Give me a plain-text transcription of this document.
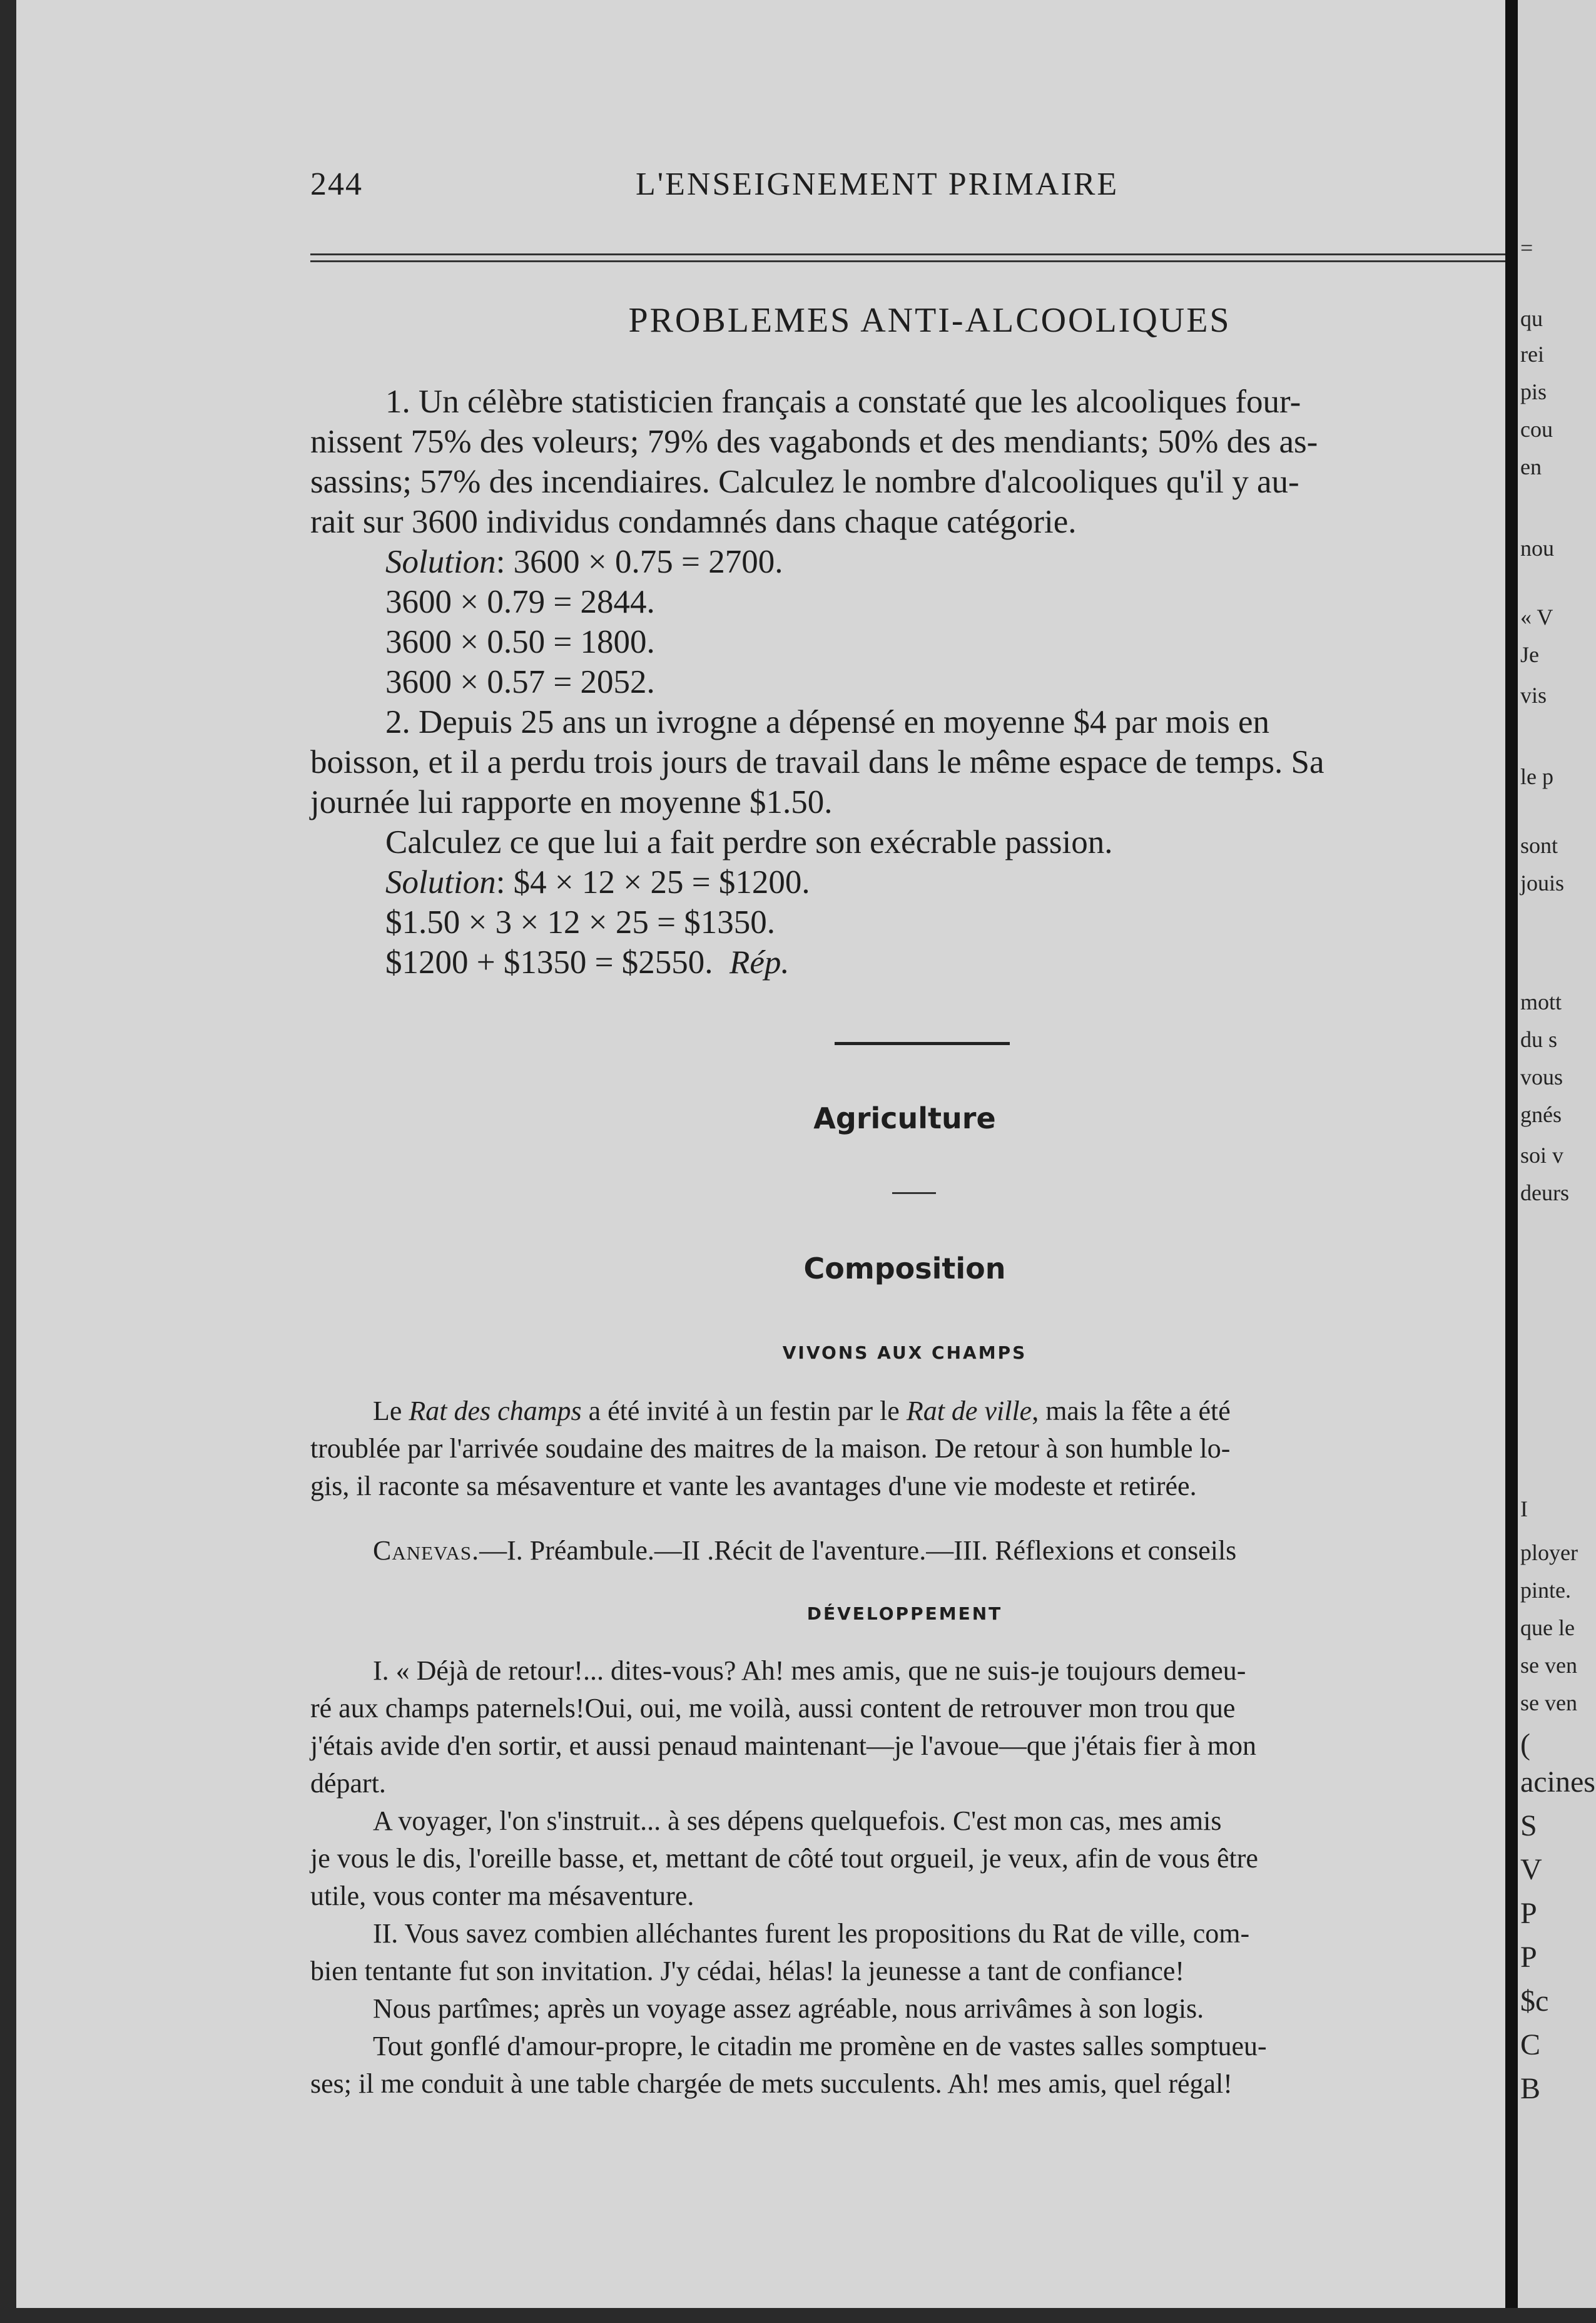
244	L'ENSEIGNEMENT PRIMAIRE
PROBLEMES ANTI-ALCOOLIQUES

1. Un célèbre statisticien français a constaté que les alcooliques four-

nissent 75% des voleurs; 79% des vagabonds et des mendiants; 50% des as-

sassins; 57% des incendiaires. Calculez le nombre d'alcooliques qu'il y au-

rait sur 3600 individus condamnés dans chaque catégorie.

Solution: 3600 × 0.75 = 2700.

3600 × 0.79 = 2844.

3600 × 0.50 = 1800.

3600 × 0.57 = 2052.

2. Depuis 25 ans un ivrogne a dépensé en moyenne $4 par mois en

boisson, et il a perdu trois jours de travail dans le même espace de temps. Sa

journée lui rapporte en moyenne $1.50.

Calculez ce que lui a fait perdre son exécrable passion.

Solution: $4 × 12 × 25 = $1200.

$1.50 × 3 × 12 × 25 = $1350.

$1200 + $1350 = $2550. Rép.

Agriculture
Composition
VIVONS AUX CHAMPS

Le Rat des champs a été invité à un festin par le Rat de ville, mais la fête a été

troublée par l'arrivée soudaine des maitres de la maison. De retour à son humble lo-

gis, il raconte sa mésaventure et vante les avantages d'une vie modeste et retirée.

Canevas.—I. Préambule.—II .Récit de l'aventure.—III. Réflexions et conseils

DÉVELOPPEMENT

I. « Déjà de retour!... dites-vous? Ah! mes amis, que ne suis-je toujours demeu-

ré aux champs paternels!Oui, oui, me voilà, aussi content de retrouver mon trou que

j'étais avide d'en sortir, et aussi penaud maintenant—je l'avoue—que j'étais fier à mon

départ.

A voyager, l'on s'instruit... à ses dépens quelquefois. C'est mon cas, mes amis

je vous le dis, l'oreille basse, et, mettant de côté tout orgueil, je veux, afin de vous être

utile, vous conter ma mésaventure.

II. Vous savez combien alléchantes furent les propositions du Rat de ville, com-

bien tentante fut son invitation. J'y cédai, hélas! la jeunesse a tant de confiance!

Nous partîmes; après un voyage assez agréable, nous arrivâmes à son logis.

Tout gonflé d'amour-propre, le citadin me promène en de vastes salles somptueu-

ses; il me conduit à une table chargée de mets succulents. Ah! mes amis, quel régal!

=
qu
rei
pis
cou
en
nou
« V
Je
vis
le p
sont
jouis
mott
du s
vous
gnés
soi v
deurs
I
ployer
pinte.
que le
se ven
se ven
(
acines
S
V
P
P
$c
C
B
